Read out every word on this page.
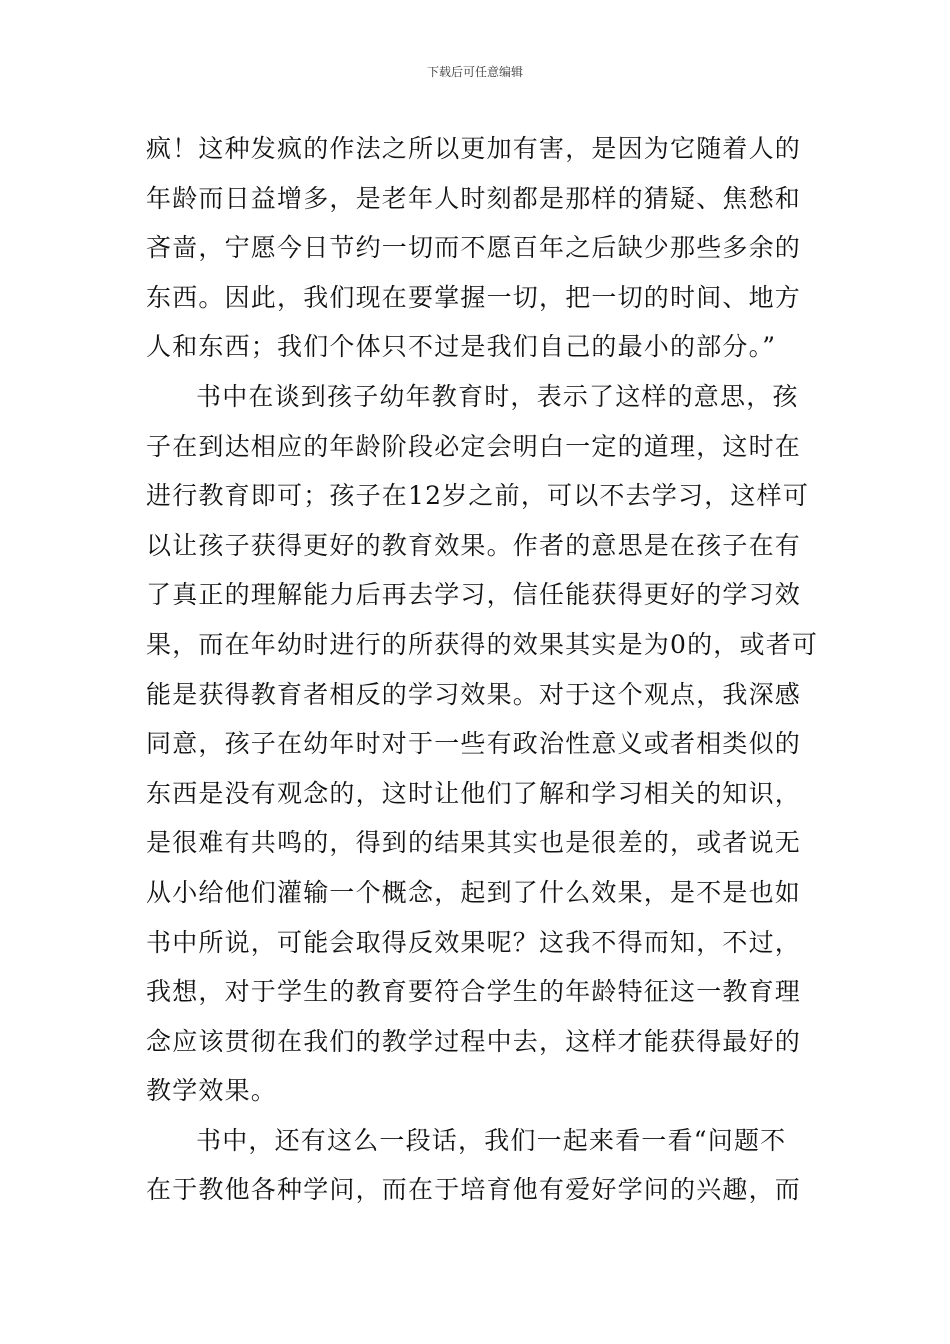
下载后可任意编辑
疯！这种发疯的作法之所以更加有害，是因为它随着人的
年龄而日益增多，是老年人时刻都是那样的猜疑、焦愁和
吝啬，宁愿今日节约一切而不愿百年之后缺少那些多余的
东西。因此，我们现在要掌握一切，把一切的时间、地方
人和东西；我们个体只不过是我们自己的最小的部分。”
书中在谈到孩子幼年教育时，表示了这样的意思，孩
子在到达相应的年龄阶段必定会明白一定的道理，这时在
进行教育即可；孩子在12岁之前，可以不去学习，这样可
以让孩子获得更好的教育效果。作者的意思是在孩子在有
了真正的理解能力后再去学习，信任能获得更好的学习效
果，而在年幼时进行的所获得的效果其实是为0的，或者可
能是获得教育者相反的学习效果。对于这个观点，我深感
同意，孩子在幼年时对于一些有政治性意义或者相类似的
东西是没有观念的，这时让他们了解和学习相关的知识，
是很难有共鸣的，得到的结果其实也是很差的，或者说无
从小给他们灌输一个概念，起到了什么效果，是不是也如
书中所说，可能会取得反效果呢？这我不得而知，不过，
我想，对于学生的教育要符合学生的年龄特征这一教育理
念应该贯彻在我们的教学过程中去，这样才能获得最好的
教学效果。
书中，还有这么一段话，我们一起来看一看“问题不
在于教他各种学问，而在于培育他有爱好学问的兴趣，而
